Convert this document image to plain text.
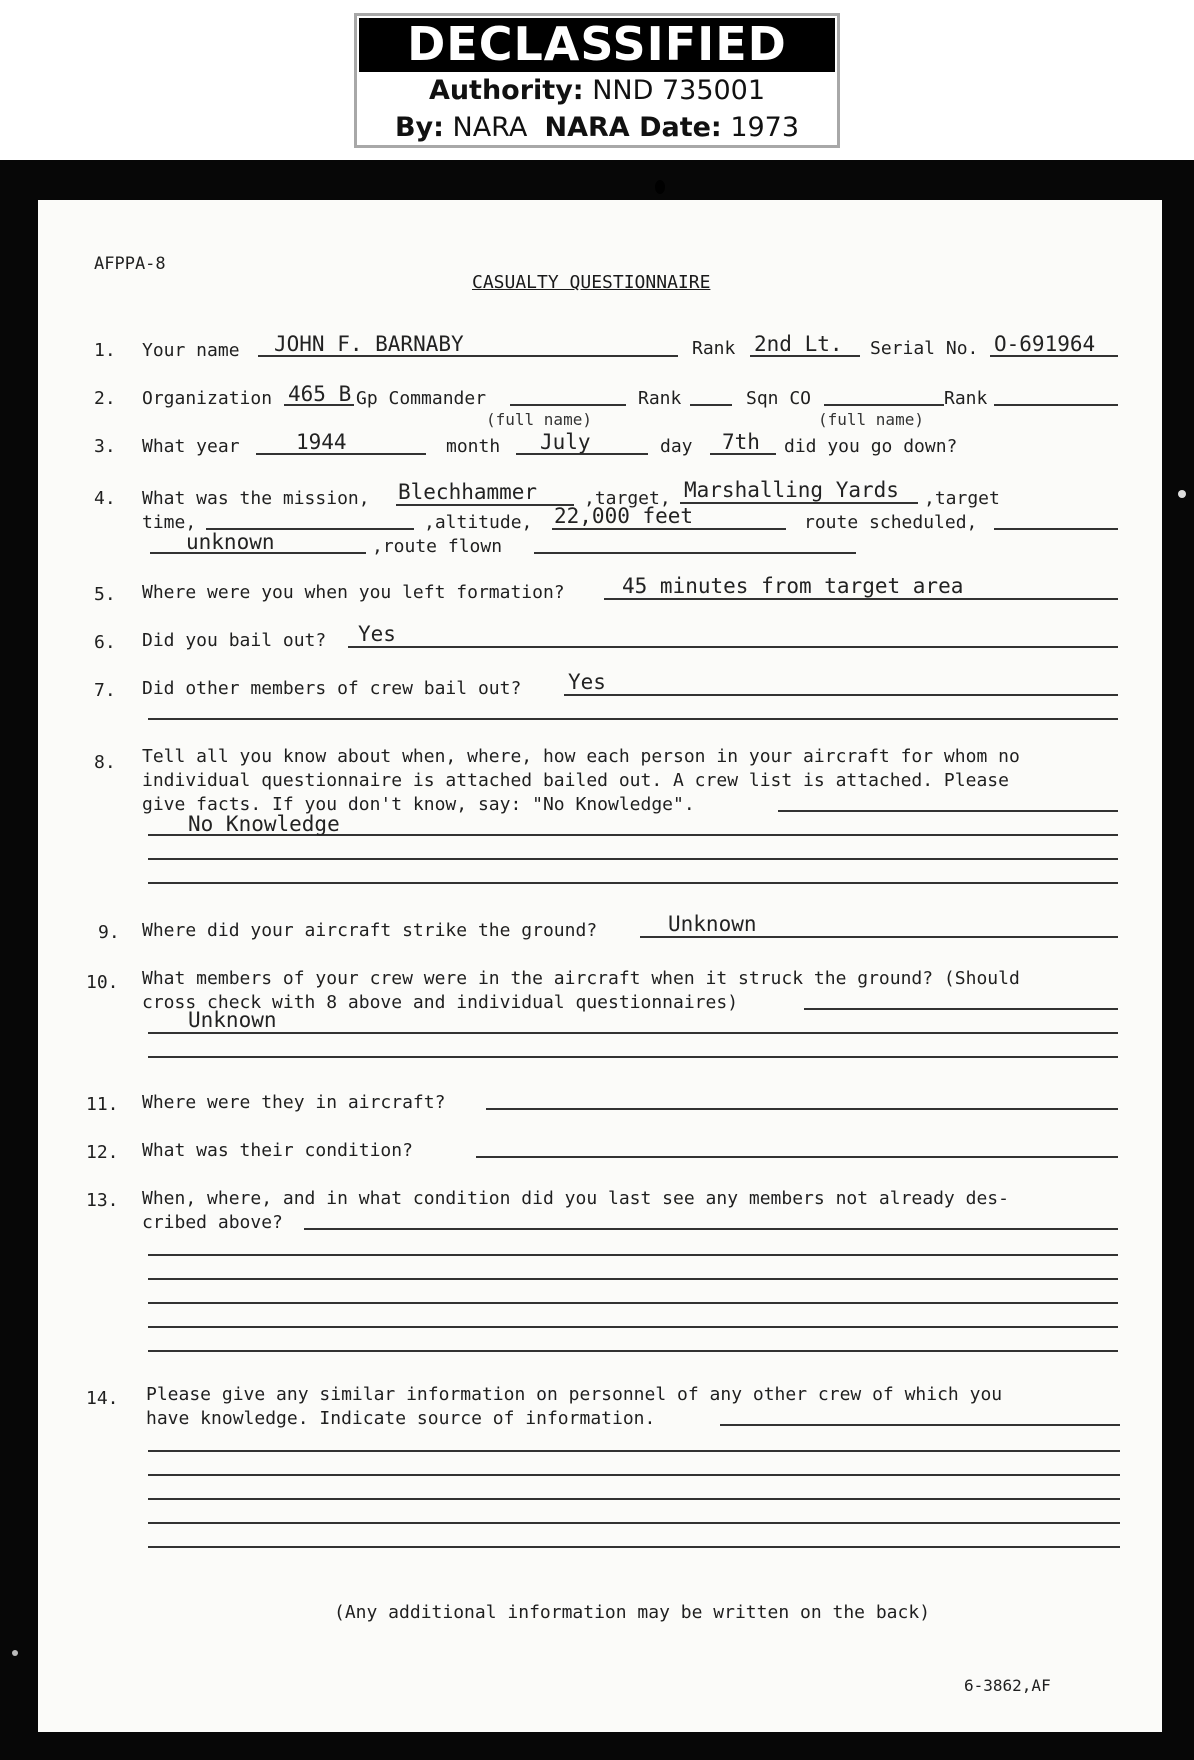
DECLASSIFIED
Authority: NND 735001
By: NARA NARA Date: 1973
AFPPA-8
CASUALTY QUESTIONNAIRE
1. Your name JOHN F. BARNABY	Rank 2nd Lt. Serial No. O-691964
2. Organization 465 B Gp Commander
(full name)
Rank	Sqn CO
(full name)
Rank
3. What year	1944	month July	day 7th did you go down?
4. What was the mission, Blechhammer	,target, Marshalling Yards ,target
time,	,altitude, 22,000 feet	route scheduled,
unknown	,route flown
5. Where were you when you left formation?	45 minutes from target area
6. Did you bail out? Yes
7. Did other members of crew bail out? Yes
8. Tell all you know about when, where, how each person in your aircraft for whom no
individual questionnaire is attached bailed out. A crew list is attached. Please
give facts. If you don't know, say: "No Knowledge".
No Knowledge
9. Where did your aircraft strike the ground?	Unknown
10. What members of your crew were in the aircraft when it struck the ground? (Should
cross check with 8 above and individual questionnaires)
Unknown
11. Where were they in aircraft?
12. What was their condition?
13. When, where, and in what condition did you last see any members not already des-
cribed above?
14. Please give any similar information on personnel of any other crew of which you
have knowledge. Indicate source of information.
(Any additional information may be written on the back)
6-3862,AF
